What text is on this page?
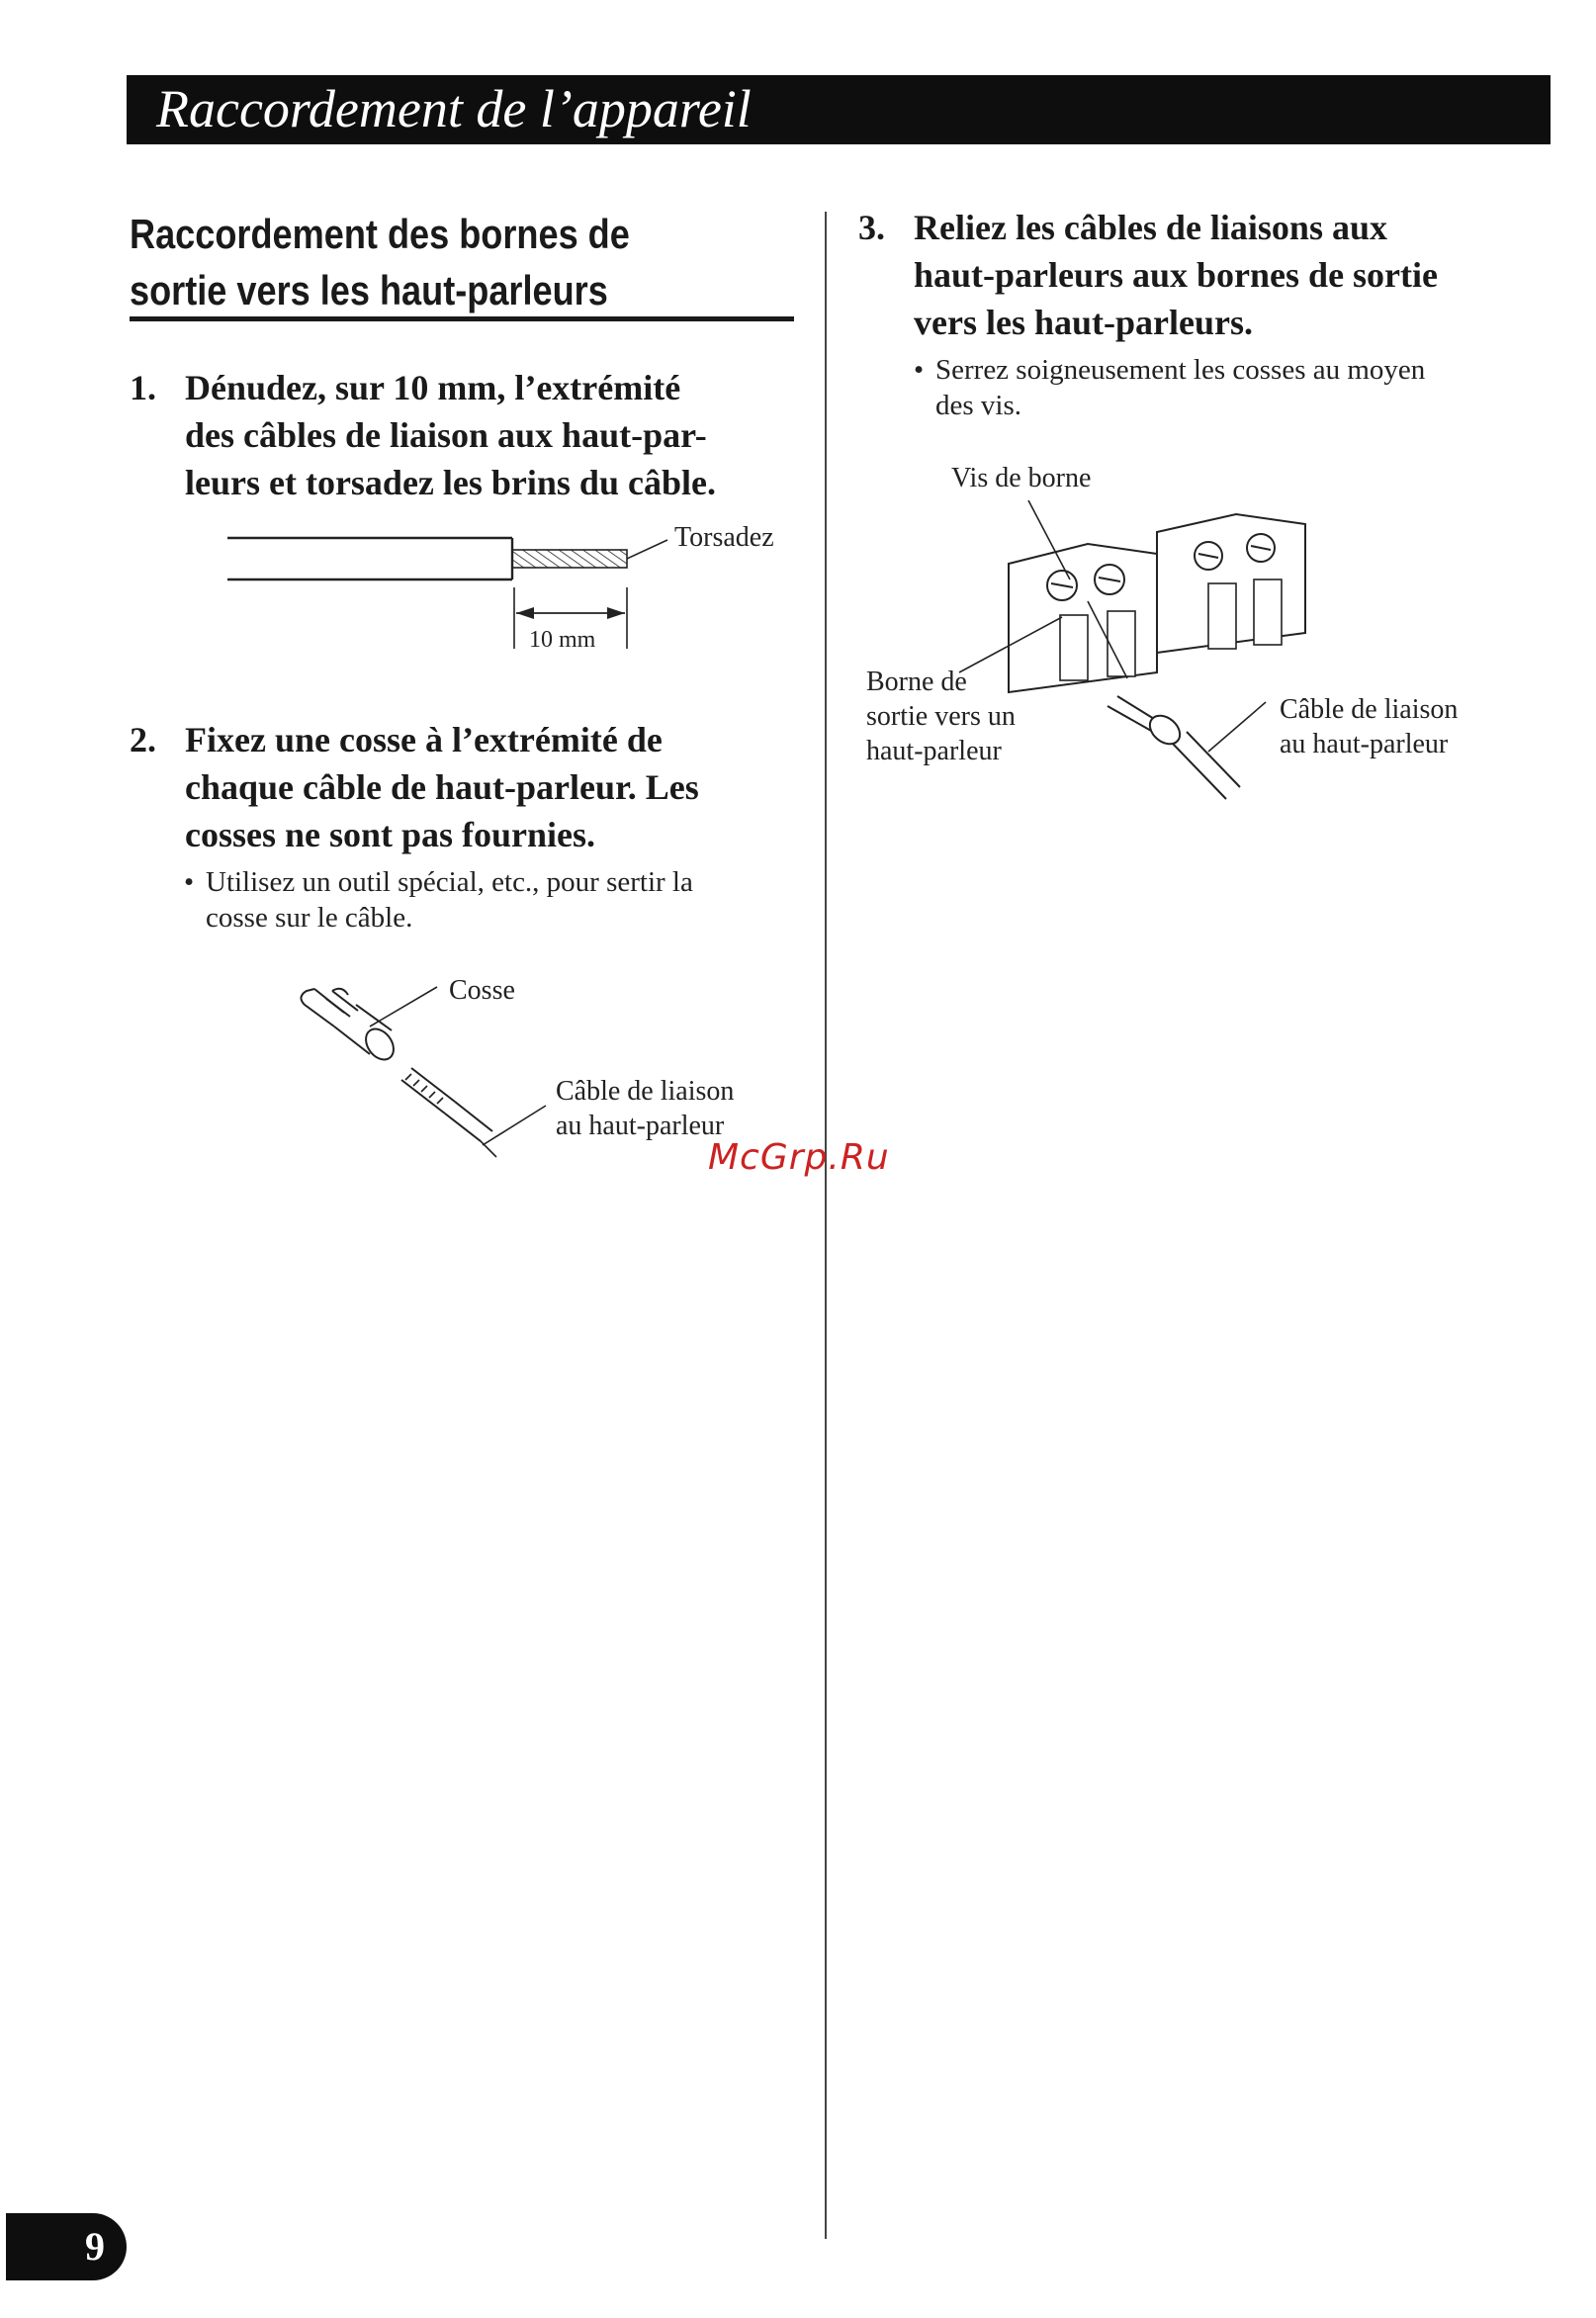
Raccordement de l’appareil
Raccordement des bornes de
sortie vers les haut-parleurs
1. Dénudez, sur 10 mm, l’extrémité
des câbles de liaison aux haut-par-
leurs et torsadez les brins du câble.
Torsadez
10 mm
2. Fixez une cosse à l’extrémité de
chaque câble de haut-parleur. Les
cosses ne sont pas fournies.
• Utilisez un outil spécial, etc., pour sertir la
cosse sur le câble.
Cosse
Câble de liaison
au haut-parleur
3. Reliez les câbles de liaisons aux
haut-parleurs aux bornes de sortie
vers les haut-parleurs.
• Serrez soigneusement les cosses au moyen
des vis.
Vis de borne
Borne de
sortie vers un
haut-parleur
Câble de liaison
au haut-parleur
McGrp.Ru
9
